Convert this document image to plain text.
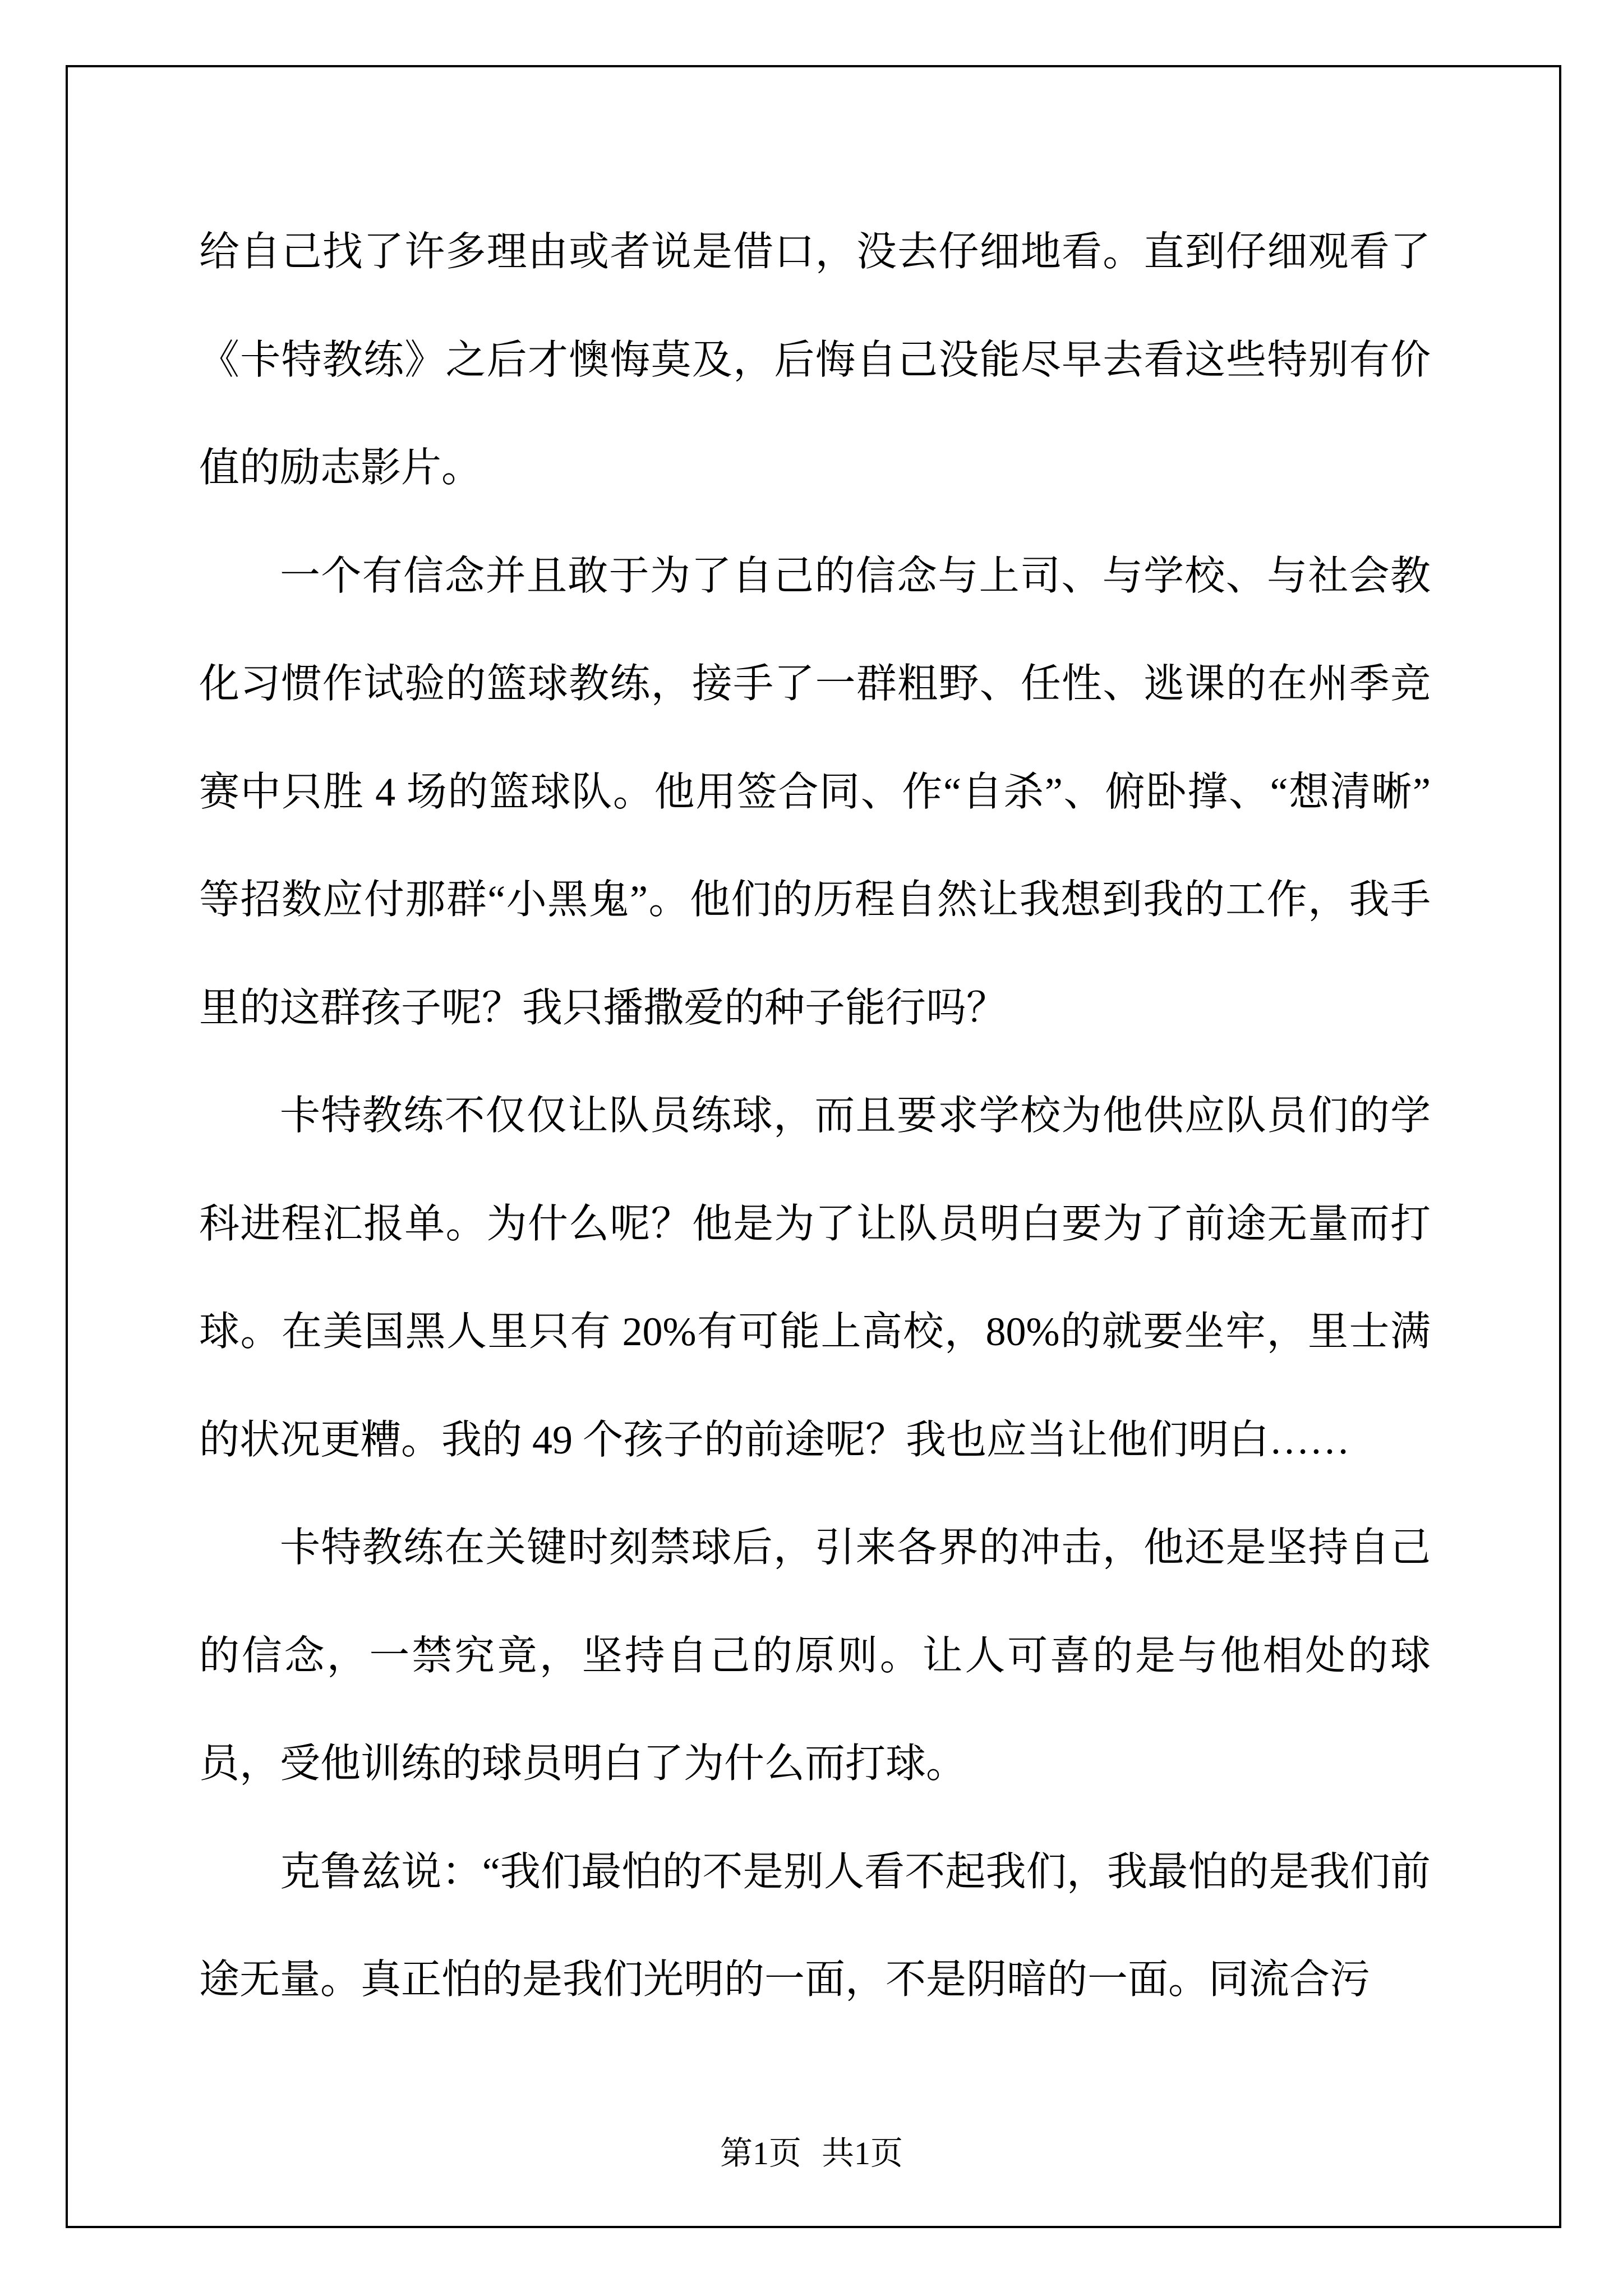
给自己找了许多理由或者说是借口，没去仔细地看。直到仔细观看了《卡特教练》之后才懊悔莫及，后悔自己没能尽早去看这些特别有价值的励志影片。

一个有信念并且敢于为了自己的信念与上司、与学校、与社会教化习惯作试验的篮球教练，接手了一群粗野、任性、逃课的在州季竞赛中只胜 4 场的篮球队。他用签合同、作“自杀”、俯卧撑、“想清晰”等招数应付那群“小黑鬼”。他们的历程自然让我想到我的工作，我手里的这群孩子呢？我只播撒爱的种子能行吗？

卡特教练不仅仅让队员练球，而且要求学校为他供应队员们的学科进程汇报单。为什么呢？他是为了让队员明白要为了前途无量而打球。在美国黑人里只有 20%有可能上高校，80%的就要坐牢，里士满的状况更糟。我的 49 个孩子的前途呢？我也应当让他们明白……

卡特教练在关键时刻禁球后，引来各界的冲击，他还是坚持自己的信念，一禁究竟，坚持自己的原则。让人可喜的是与他相处的球员，受他训练的球员明白了为什么而打球。

克鲁兹说：“我们最怕的不是别人看不起我们，我最怕的是我们前途无量。真正怕的是我们光明的一面，不是阴暗的一面。同流合污

第1页 共1页
